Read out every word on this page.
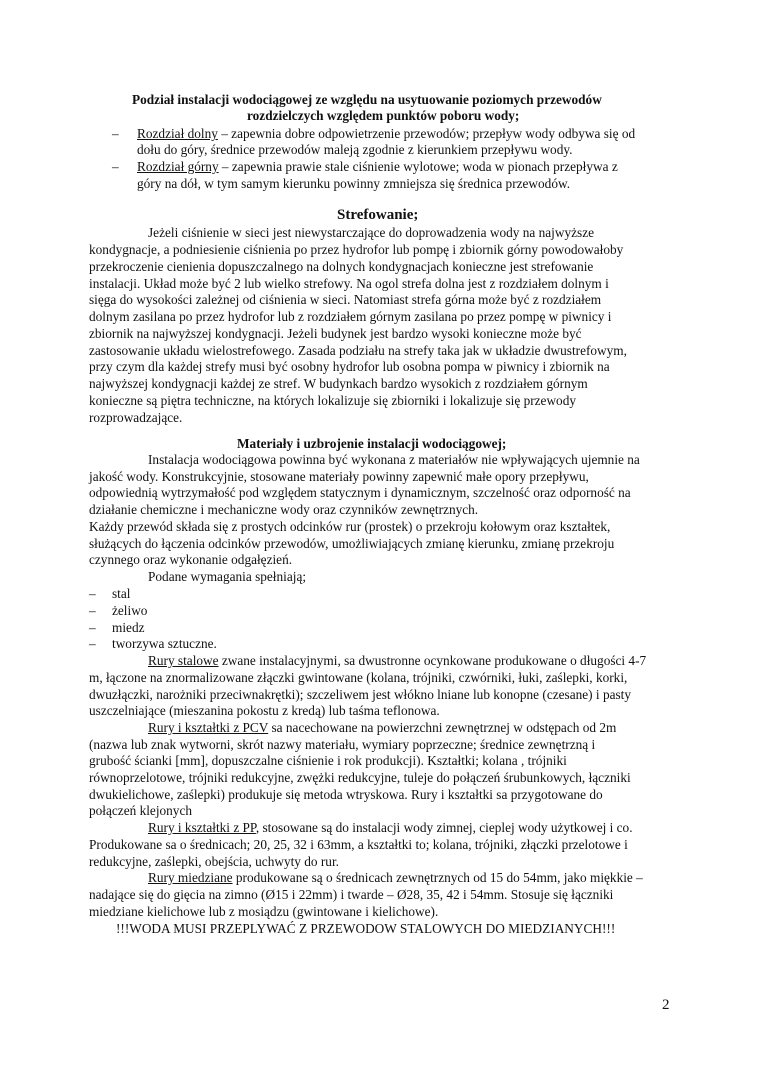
Podział instalacji wodociągowej ze względu na usytuowanie poziomych przewodów
rozdzielczych względem punktów poboru wody;
– Rozdział dolny – zapewnia dobre odpowietrzenie przewodów; przepływ wody odbywa się od
dołu do góry, średnice przewodów maleją zgodnie z kierunkiem przepływu wody.
– Rozdział górny – zapewnia prawie stale ciśnienie wylotowe; woda w pionach przepływa z
góry na dół, w tym samym kierunku powinny zmniejsza się średnica przewodów.
Strefowanie;
Jeżeli ciśnienie w sieci jest niewystarczające do doprowadzenia wody na najwyższe
kondygnacje, a podniesienie ciśnienia po przez hydrofor lub pompę i zbiornik górny powodowałoby
przekroczenie cienienia dopuszczalnego na dolnych kondygnacjach konieczne jest strefowanie
instalacji. Układ może być 2 lub wielko strefowy. Na ogol strefa dolna jest z rozdziałem dolnym i
sięga do wysokości zależnej od ciśnienia w sieci. Natomiast strefa górna może być z rozdziałem
dolnym zasilana po przez hydrofor lub z rozdziałem górnym zasilana po przez pompę w piwnicy i
zbiornik na najwyższej kondygnacji. Jeżeli budynek jest bardzo wysoki konieczne może być
zastosowanie układu wielostrefowego. Zasada podziału na strefy taka jak w układzie dwustrefowym,
przy czym dla każdej strefy musi być osobny hydrofor lub osobna pompa w piwnicy i zbiornik na
najwyższej kondygnacji każdej ze stref. W budynkach bardzo wysokich z rozdziałem górnym
konieczne są piętra techniczne, na których lokalizuje się zbiorniki i lokalizuje się przewody
rozprowadzające.
Materiały i uzbrojenie instalacji wodociągowej;
Instalacja wodociągowa powinna być wykonana z materiałów nie wpływających ujemnie na
jakość wody. Konstrukcyjnie, stosowane materiały powinny zapewnić małe opory przepływu,
odpowiednią wytrzymałość pod względem statycznym i dynamicznym, szczelność oraz odporność na
działanie chemiczne i mechaniczne wody oraz czynników zewnętrznych.
Każdy przewód składa się z prostych odcinków rur (prostek) o przekroju kołowym oraz kształtek,
służących do łączenia odcinków przewodów, umożliwiających zmianę kierunku, zmianę przekroju
czynnego oraz wykonanie odgałęzień.
Podane wymagania spełniają;
– stal
– żeliwo
– miedz
– tworzywa sztuczne.
Rury stalowe zwane instalacyjnymi, sa dwustronne ocynkowane produkowane o długości 4-7
m, łączone na znormalizowane złączki gwintowane (kolana, trójniki, czwórniki, łuki, zaślepki, korki,
dwuzłączki, narożniki przeciwnakrętki); szczeliwem jest włókno lniane lub konopne (czesane) i pasty
uszczelniające (mieszanina pokostu z kredą) lub taśma teflonowa.
Rury i kształtki z PCV sa nacechowane na powierzchni zewnętrznej w odstępach od 2m
(nazwa lub znak wytworni, skrót nazwy materiału, wymiary poprzeczne; średnice zewnętrzną i
grubość ścianki [mm], dopuszczalne ciśnienie i rok produkcji). Kształtki; kolana , trójniki
równoprzelotowe, trójniki redukcyjne, zwężki redukcyjne, tuleje do połączeń śrubunkowych, łączniki
dwukielichowe, zaślepki) produkuje się metoda wtryskowa. Rury i kształtki sa przygotowane do
połączeń klejonych
Rury i kształtki z PP, stosowane są do instalacji wody zimnej, cieplej wody użytkowej i co.
Produkowane sa o średnicach; 20, 25, 32 i 63mm, a kształtki to; kolana, trójniki, złączki przelotowe i
redukcyjne, zaślepki, obejścia, uchwyty do rur.
Rury miedziane produkowane są o średnicach zewnętrznych od 15 do 54mm, jako miękkie –
nadające się do gięcia na zimno (Ø15 i 22mm) i twarde – Ø28, 35, 42 i 54mm. Stosuje się łączniki
miedziane kielichowe lub z mosiądzu (gwintowane i kielichowe).
!!!WODA MUSI PRZEPLYWAĆ Z PRZEWODOW STALOWYCH DO MIEDZIANYCH!!!
2
